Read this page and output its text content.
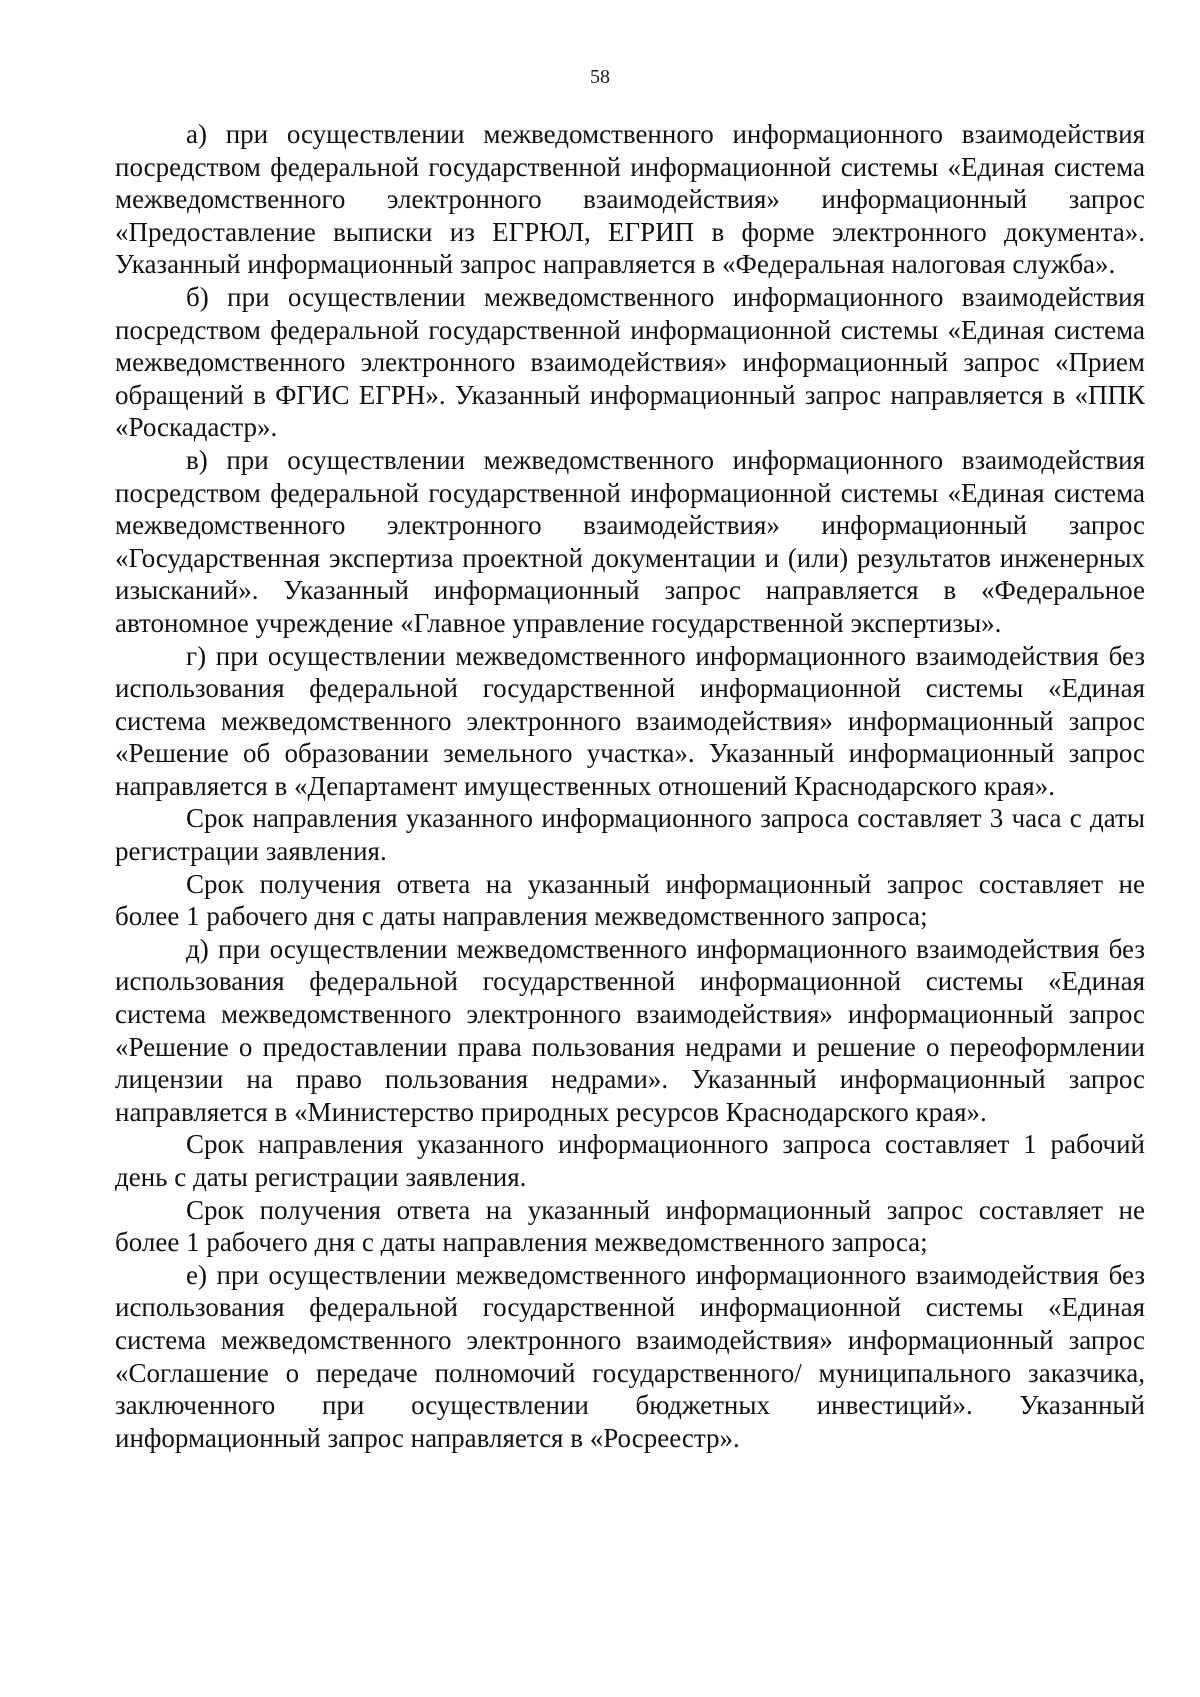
58

а) при осуществлении межведомственного информационного взаимодействия посредством федеральной государственной информационной системы «Единая система межведомственного электронного взаимодействия» информационный запрос «Предоставление выписки из ЕГРЮЛ, ЕГРИП в форме электронного документа». Указанный информационный запрос направляется в «Федеральная налоговая служба».

б) при осуществлении межведомственного информационного взаимодействия посредством федеральной государственной информационной системы «Единая система межведомственного электронного взаимодействия» информационный запрос «Прием обращений в ФГИС ЕГРН». Указанный информационный запрос направляется в «ППК «Роскадастр».

в) при осуществлении межведомственного информационного взаимодействия посредством федеральной государственной информационной системы «Единая система межведомственного электронного взаимодействия» информационный запрос «Государственная экспертиза проектной документации и (или) результатов инженерных изысканий». Указанный информационный запрос направляется в «Федеральное автономное учреждение «Главное управление государственной экспертизы».

г) при осуществлении межведомственного информационного взаимодействия без использования федеральной государственной информационной системы «Единая система межведомственного электронного взаимодействия» информационный запрос «Решение об образовании земельного участка». Указанный информационный запрос направляется в «Департамент имущественных отношений Краснодарского края».

Срок направления указанного информационного запроса составляет 3 часа с даты регистрации заявления.

Срок получения ответа на указанный информационный запрос составляет не более 1 рабочего дня с даты направления межведомственного запроса;

д) при осуществлении межведомственного информационного взаимодействия без использования федеральной государственной информационной системы «Единая система межведомственного электронного взаимодействия» информационный запрос «Решение о предоставлении права пользования недрами и решение о переоформлении лицензии на право пользования недрами». Указанный информационный запрос направляется в «Министерство природных ресурсов Краснодарского края».

Срок направления указанного информационного запроса составляет 1 рабочий день с даты регистрации заявления.

Срок получения ответа на указанный информационный запрос составляет не более 1 рабочего дня с даты направления межведомственного запроса;

е) при осуществлении межведомственного информационного взаимодействия без использования федеральной государственной информационной системы «Единая система межведомственного электронного взаимодействия» информационный запрос «Соглашение о передаче полномочий государственного/ муниципального заказчика, заключенного при осуществлении бюджетных инвестиций». Указанный информационный запрос направляется в «Росреестр».
